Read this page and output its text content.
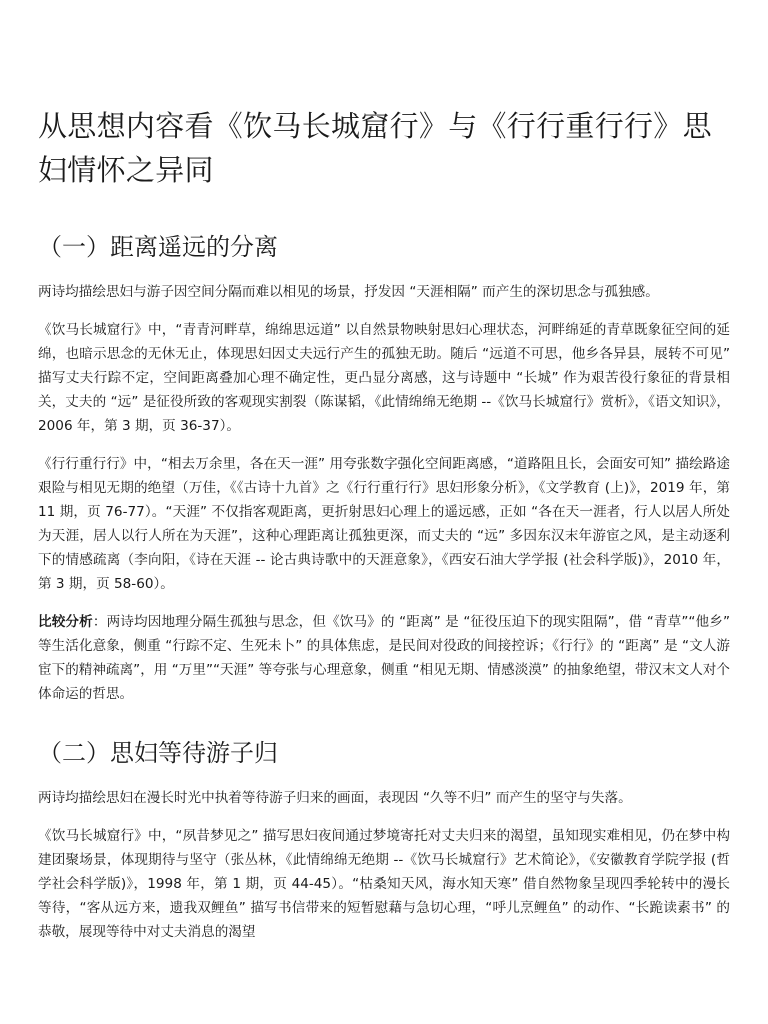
从思想内容看《饮马长城窟行》与《行行重行行》思妇情怀之异同
（一）距离遥远的分离

两诗均描绘思妇与游子因空间分隔而难以相见的场景，抒发因 “天涯相隔” 而产生的深切思念与孤独感。

《饮马长城窟行》中，“青青河畔草，绵绵思远道” 以自然景物映射思妇心理状态，河畔绵延的青草既象征空间的延绵，也暗示思念的无休无止，体现思妇因丈夫远行产生的孤独无助。随后 “远道不可思，他乡各异县，展转不可见” 描写丈夫行踪不定，空间距离叠加心理不确定性，更凸显分离感，这与诗题中 “长城” 作为艰苦役行象征的背景相关，丈夫的 “远” 是征役所致的客观现实割裂（陈谋韬，《此情绵绵无绝期 --《饮马长城窟行》赏析》，《语文知识》，2006 年，第 3 期，页 36-37）。

《行行重行行》中，“相去万余里，各在天一涯” 用夸张数字强化空间距离感，“道路阻且长，会面安可知” 描绘路途艰险与相见无期的绝望（万佳，《《古诗十九首》之《行行重行行》思妇形象分析》，《文学教育 (上)》，2019 年，第 11 期，页 76-77）。“天涯” 不仅指客观距离，更折射思妇心理上的遥远感，正如 “各在天一涯者，行人以居人所处为天涯，居人以行人所在为天涯”，这种心理距离让孤独更深，而丈夫的 “远” 多因东汉末年游宦之风，是主动逐利下的情感疏离（李向阳，《诗在天涯 -- 论古典诗歌中的天涯意象》，《西安石油大学学报 (社会科学版)》，2010 年，第 3 期，页 58-60）。

比较分析：两诗均因地理分隔生孤独与思念，但《饮马》的 “距离” 是 “征役压迫下的现实阻隔”，借 “青草”“他乡” 等生活化意象，侧重 “行踪不定、生死未卜” 的具体焦虑，是民间对役政的间接控诉；《行行》的 “距离” 是 “文人游宦下的精神疏离”，用 “万里”“天涯” 等夸张与心理意象，侧重 “相见无期、情感淡漠” 的抽象绝望，带汉末文人对个体命运的哲思。

（二）思妇等待游子归

两诗均描绘思妇在漫长时光中执着等待游子归来的画面，表现因 “久等不归” 而产生的坚守与失落。

《饮马长城窟行》中，“夙昔梦见之” 描写思妇夜间通过梦境寄托对丈夫归来的渴望，虽知现实难相见，仍在梦中构建团聚场景，体现期待与坚守（张丛林，《此情绵绵无绝期 --《饮马长城窟行》艺术简论》，《安徽教育学院学报 (哲学社会科学版)》，1998 年，第 1 期，页 44-45）。“枯桑知天风，海水知天寒” 借自然物象呈现四季轮转中的漫长等待，“客从远方来，遗我双鲤鱼” 描写书信带来的短暂慰藉与急切心理，“呼儿烹鲤鱼” 的动作、“长跪读素书” 的恭敬，展现等待中对丈夫消息的渴望
